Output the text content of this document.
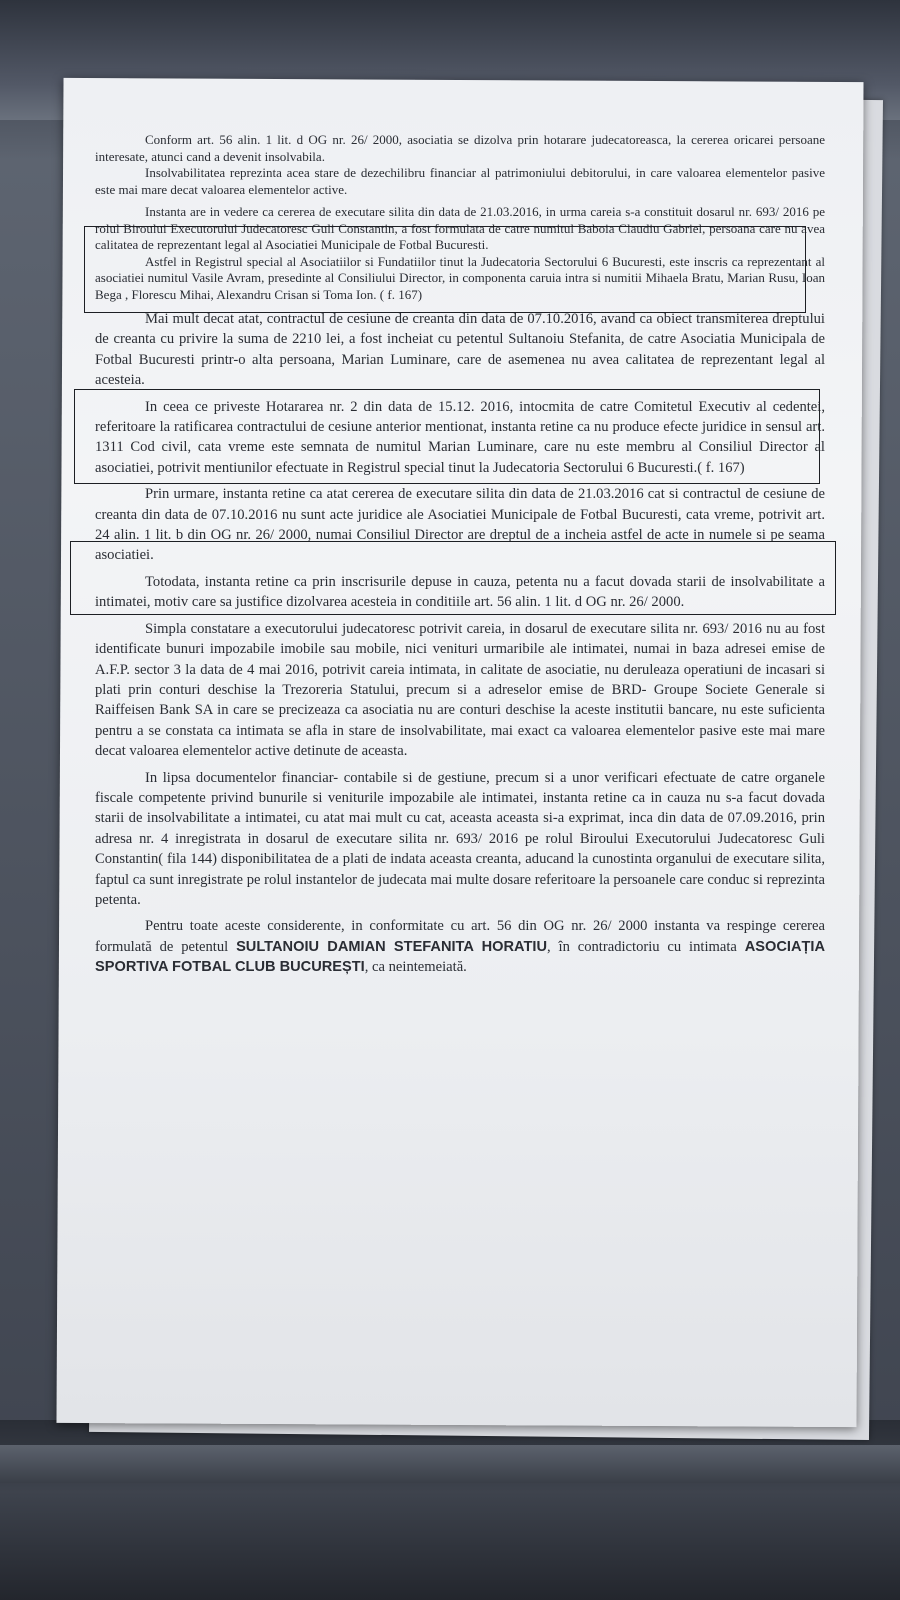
Conform art. 56 alin. 1 lit. d OG nr. 26/ 2000, asociatia se dizolva prin hotarare judecatoreasca, la cererea oricarei persoane interesate, atunci cand a devenit insolvabila.

Insolvabilitatea reprezinta acea stare de dezechilibru financiar al patrimoniului debitorului, in care valoarea elementelor pasive este mai mare decat valoarea elementelor active.

Instanta are in vedere ca cererea de executare silita din data de 21.03.2016, in urma careia s-a constituit dosarul nr. 693/ 2016 pe rolul Biroului Executorului Judecatoresc Guli Constantin, a fost formulata de catre numitul Baboia Claudiu Gabriel, persoana care nu avea calitatea de reprezentant legal al Asociatiei Municipale de Fotbal Bucuresti.

Astfel in Registrul special al Asociatiilor si Fundatiilor tinut la Judecatoria Sectorului 6 Bucuresti, este inscris ca reprezentant al asociatiei numitul Vasile Avram, presedinte al Consiliului Director, in componenta caruia intra si numitii Mihaela Bratu, Marian Rusu, Ioan Bega , Florescu Mihai, Alexandru Crisan si Toma Ion. ( f. 167)

Mai mult decat atat, contractul de cesiune de creanta din data de 07.10.2016, avand ca obiect transmiterea dreptului de creanta cu privire la suma de 2210 lei, a fost incheiat cu petentul Sultanoiu Stefanita, de catre Asociatia Municipala de Fotbal Bucuresti printr-o alta persoana, Marian Luminare, care de asemenea nu avea calitatea de reprezentant legal al acesteia.

In ceea ce priveste Hotararea nr. 2 din data de 15.12. 2016, intocmita de catre Comitetul Executiv al cedentei, referitoare la ratificarea contractului de cesiune anterior mentionat, instanta retine ca nu produce efecte juridice in sensul art. 1311 Cod civil, cata vreme este semnata de numitul Marian Luminare, care nu este membru al Consiliul Director al asociatiei, potrivit mentiunilor efectuate in Registrul special tinut la Judecatoria Sectorului 6 Bucuresti.( f. 167)

Prin urmare, instanta retine ca atat cererea de executare silita din data de 21.03.2016 cat si contractul de cesiune de creanta din data de 07.10.2016 nu sunt acte juridice ale Asociatiei Municipale de Fotbal Bucuresti, cata vreme, potrivit art. 24 alin. 1 lit. b din OG nr. 26/ 2000, numai Consiliul Director are dreptul de a incheia astfel de acte in numele si pe seama asociatiei.

Totodata, instanta retine ca prin inscrisurile depuse in cauza, petenta nu a facut dovada starii de insolvabilitate a intimatei, motiv care sa justifice dizolvarea acesteia in conditiile art. 56 alin. 1 lit. d OG nr. 26/ 2000.

Simpla constatare a executorului judecatoresc potrivit careia, in dosarul de executare silita nr. 693/ 2016 nu au fost identificate bunuri impozabile imobile sau mobile, nici venituri urmaribile ale intimatei, numai in baza adresei emise de A.F.P. sector 3 la data de 4 mai 2016, potrivit careia intimata, in calitate de asociatie, nu deruleaza operatiuni de incasari si plati prin conturi deschise la Trezoreria Statului, precum si a adreselor emise de BRD- Groupe Societe Generale si Raiffeisen Bank SA in care se precizeaza ca asociatia nu are conturi deschise la aceste institutii bancare, nu este suficienta pentru a se constata ca intimata se afla in stare de insolvabilitate, mai exact ca valoarea elementelor pasive este mai mare decat valoarea elementelor active detinute de aceasta.

In lipsa documentelor financiar- contabile si de gestiune, precum si a unor verificari efectuate de catre organele fiscale competente privind bunurile si veniturile impozabile ale intimatei, instanta retine ca in cauza nu s-a facut dovada starii de insolvabilitate a intimatei, cu atat mai mult cu cat, aceasta aceasta si-a exprimat, inca din data de 07.09.2016, prin adresa nr. 4 inregistrata in dosarul de executare silita nr. 693/ 2016 pe rolul Biroului Executorului Judecatoresc Guli Constantin( fila 144) disponibilitatea de a plati de indata aceasta creanta, aducand la cunostinta organului de executare silita, faptul ca sunt inregistrate pe rolul instantelor de judecata mai multe dosare referitoare la persoanele care conduc si reprezinta petenta.

Pentru toate aceste considerente, in conformitate cu art. 56 din OG nr. 26/ 2000 instanta va respinge cererea formulată de petentul SULTANOIU DAMIAN STEFANITA HORATIU, în contradictoriu cu intimata ASOCIAȚIA SPORTIVA FOTBAL CLUB BUCUREȘTI, ca neintemeiată.
